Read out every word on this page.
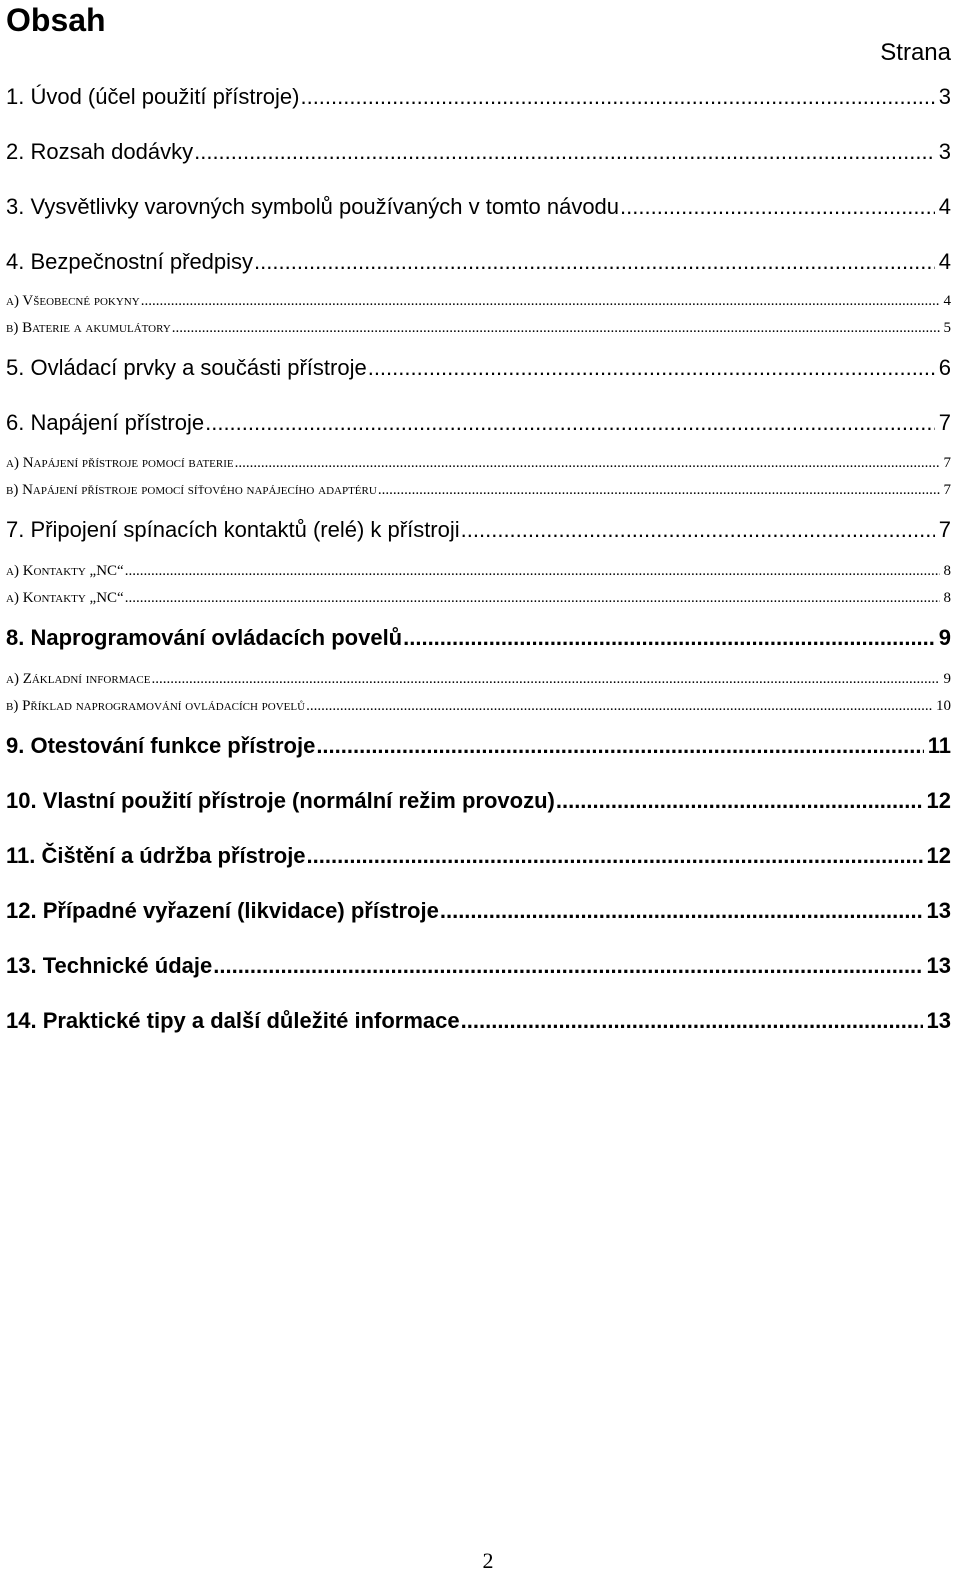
Obsah
Strana
1. Úvod (účel použití přístroje) .....	3
2. Rozsah dodávky .....	3
3. Vysvětlivky varovných symbolů používaných v tomto návodu .....	4
4. Bezpečnostní předpisy .....	4
a) Všeobecné pokyny .....	4
b) Baterie a akumulátory .....	5
5. Ovládací prvky a součásti přístroje .....	6
6. Napájení přístroje .....	7
a) Napájení přístroje pomocí baterie .....	7
b) Napájení přístroje pomocí síťového napájecího adaptéru .....	7
7. Připojení spínacích kontaktů (relé) k přístroji .....	7
a) Kontakty „NC“ .....	8
a) Kontakty „NC“ .....	8
8. Naprogramování ovládacích povelů .....	9
a) Základní informace .....	9
b) Příklad naprogramování ovládacích povelů .....	10
9. Otestování funkce přístroje .....	11
10. Vlastní použití přístroje (normální režim provozu) .....	12
11. Čištění a údržba přístroje .....	12
12. Případné vyřazení (likvidace) přístroje .....	13
13. Technické údaje .....	13
14. Praktické tipy a další důležité informace .....	13
2
